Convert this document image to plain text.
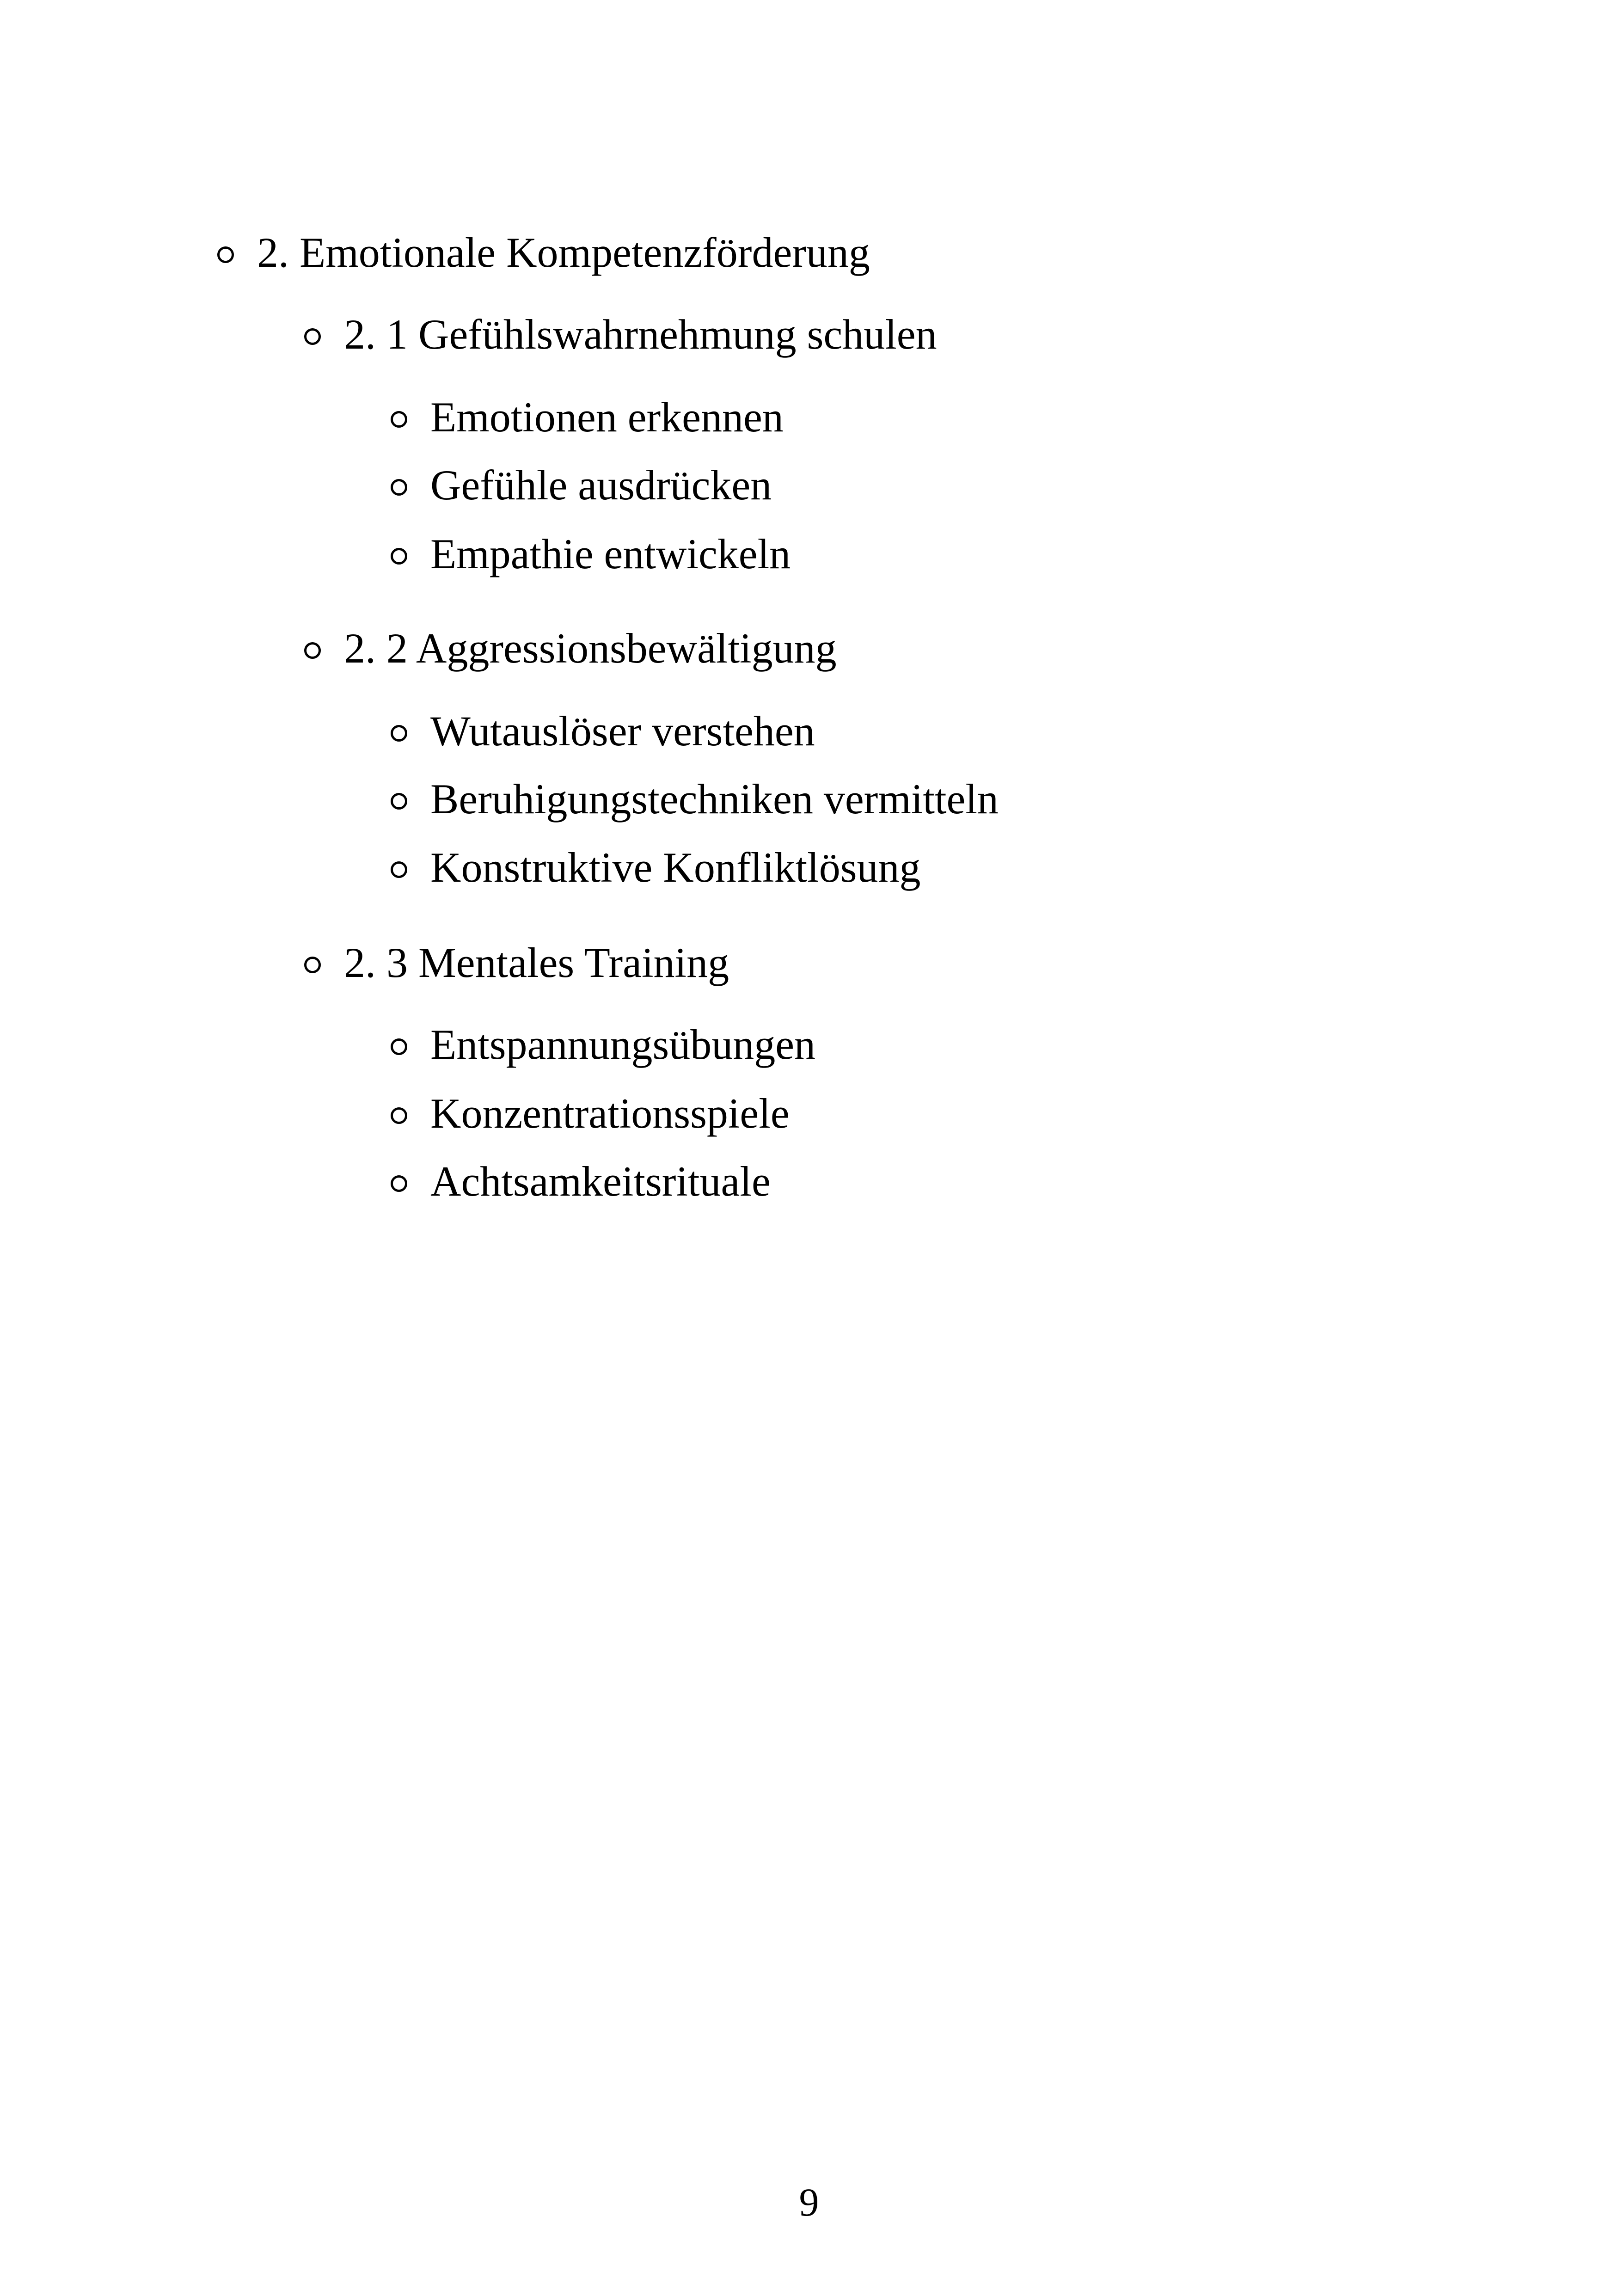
2. Emotionale Kompetenzförderung
2. 1 Gefühlswahrnehmung schulen
Emotionen erkennen
Gefühle ausdrücken
Empathie entwickeln
2. 2 Aggressionsbewältigung
Wutauslöser verstehen
Beruhigungstechniken vermitteln
Konstruktive Konfliktlösung
2. 3 Mentales Training
Entspannungsübungen
Konzentrationsspiele
Achtsamkeitsrituale
9
